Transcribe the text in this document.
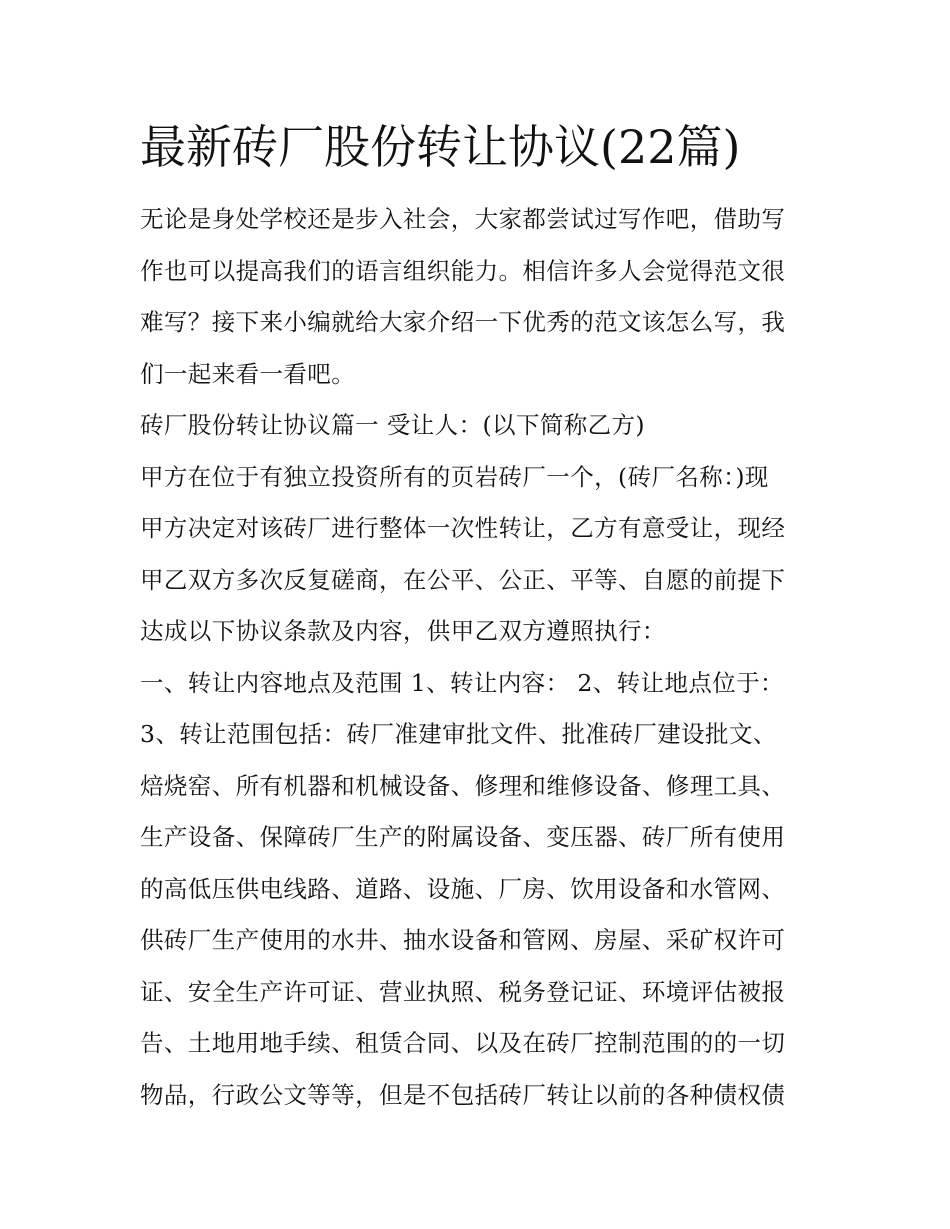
最新砖厂股份转让协议(22篇)
无论是身处学校还是步入社会，大家都尝试过写作吧，借助写
作也可以提高我们的语言组织能力。相信许多人会觉得范文很
难写？接下来小编就给大家介绍一下优秀的范文该怎么写，我
们一起来看一看吧。
砖厂股份转让协议篇一 受让人：(以下简称乙方)
甲方在位于有独立投资所有的页岩砖厂一个，(砖厂名称：)现
甲方决定对该砖厂进行整体一次性转让，乙方有意受让，现经
甲乙双方多次反复磋商，在公平、公正、平等、自愿的前提下
达成以下协议条款及内容，供甲乙双方遵照执行：
一、转让内容地点及范围 1、转让内容： 2、转让地点位于：
3、转让范围包括：砖厂准建审批文件、批准砖厂建设批文、
焙烧窑、所有机器和机械设备、修理和维修设备、修理工具、
生产设备、保障砖厂生产的附属设备、变压器、砖厂所有使用
的高低压供电线路、道路、设施、厂房、饮用设备和水管网、
供砖厂生产使用的水井、抽水设备和管网、房屋、采矿权许可
证、安全生产许可证、营业执照、税务登记证、环境评估被报
告、土地用地手续、租赁合同、以及在砖厂控制范围的的一切
物品，行政公文等等，但是不包括砖厂转让以前的各种债权债
